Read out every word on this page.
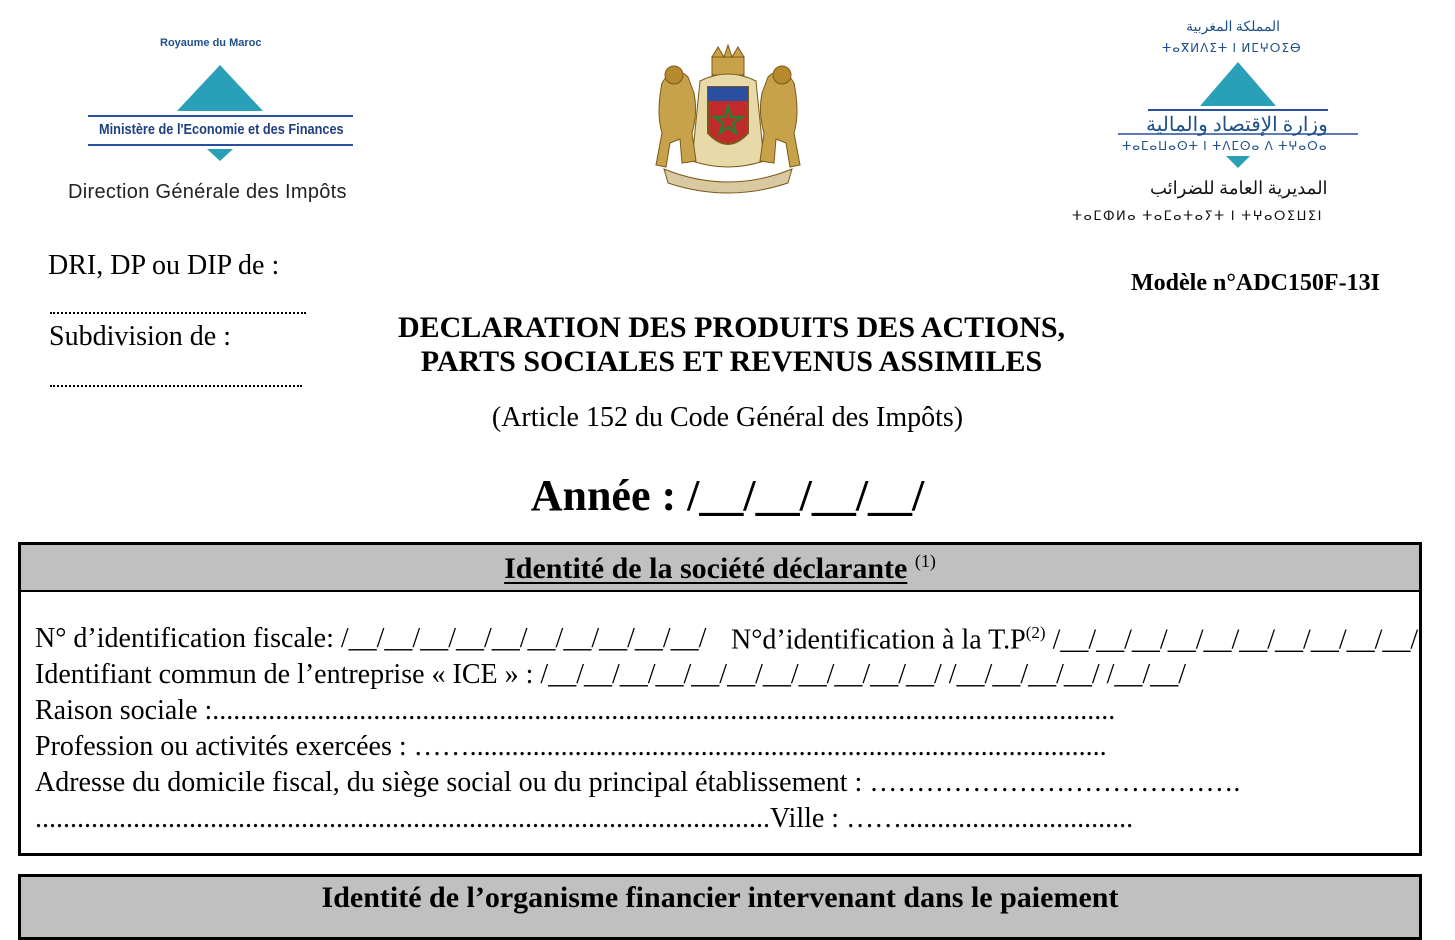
Royaume du Maroc
Ministère de l'Economie et des Finances
Direction Générale des Impôts
المملكة المغربية
ⵜⴰⴳⵍⴷⵉⵜ ⵏ ⵍⵎⵖⵔⵉⴱ
وزارة الإقتصاد والمالية
ⵜⴰⵎⴰⵡⴰⵙⵜ ⵏ ⵜⴷⵎⵙⴰ ⴷ ⵜⵖⴰⵔⴰ
المديرية العامة للضرائب
ⵜⴰⵎⵀⵍⴰ ⵜⴰⵎⴰⵜⴰⵢⵜ ⵏ ⵜⵖⴰⵔⵉⵡⵉⵏ
DRI, DP ou DIP de :
Subdivision de :
Modèle n°ADC150F-13I
DECLARATION DES PRODUITS DES ACTIONS,
PARTS SOCIALES ET REVENUS ASSIMILES
(Article 152 du Code Général des Impôts)
Année : /__/__/__/__/
Identité de la société déclarante $^{(1)}$
N° d’identification fiscale: /__/__/__/__/__/__/__/__/__/__/ N°d’identification à la $T.P^{(2)}$ /__/__/__/__/__/__/__/__/__/__/
Identifiant commun de l’entreprise « ICE » : /__/__/__/__/__/__/__/__/__/__/__/ /__/__/__/__/ /__/__/
Raison sociale :.................................................................................................................................
Profession ou activités exercées : ……...........................................................................................
Adresse du domicile fiscal, du siège social ou du principal établissement : ………………………………….
.........................................................................................................Ville : …….................................
Identité de l’organisme financier intervenant dans le paiement
